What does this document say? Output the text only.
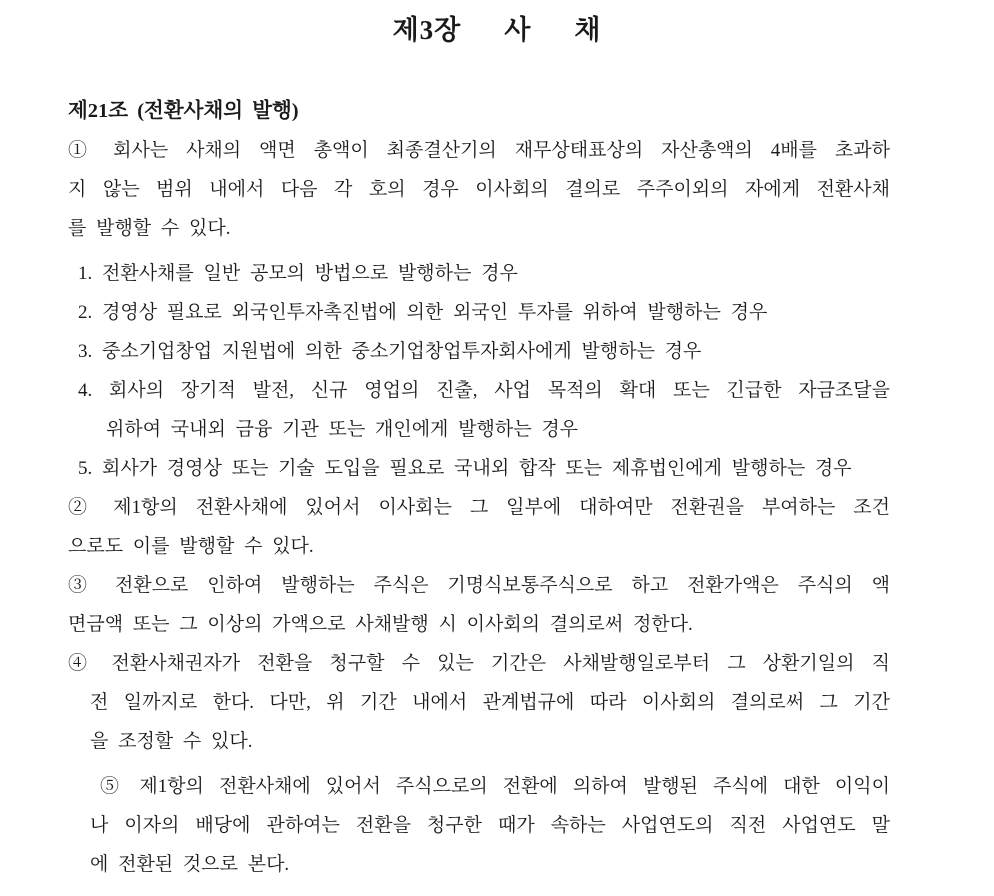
제3장    사    채
제21조 (전환사채의 발행)
① 회사는 사채의 액면 총액이 최종결산기의 재무상태표상의 자산총액의 4배를 초과하
지 않는 범위 내에서 다음 각 호의 경우 이사회의 결의로 주주이외의 자에게 전환사채
를 발행할 수 있다.
1. 전환사채를 일반 공모의 방법으로 발행하는 경우
2. 경영상 필요로 외국인투자촉진법에 의한 외국인 투자를 위하여 발행하는 경우
3. 중소기업창업 지원법에 의한 중소기업창업투자회사에게 발행하는 경우
4. 회사의 장기적 발전, 신규 영업의 진출, 사업 목적의 확대 또는 긴급한 자금조달을
위하여 국내외 금융 기관 또는 개인에게 발행하는 경우
5. 회사가 경영상 또는 기술 도입을 필요로 국내외 합작 또는 제휴법인에게 발행하는 경우
② 제1항의 전환사채에 있어서 이사회는 그 일부에 대하여만 전환권을 부여하는 조건
으로도 이를 발행할 수 있다.
③ 전환으로 인하여 발행하는 주식은 기명식보통주식으로 하고 전환가액은 주식의 액
면금액 또는 그 이상의 가액으로 사채발행 시 이사회의 결의로써 정한다.
④ 전환사채권자가 전환을 청구할 수 있는 기간은 사채발행일로부터 그 상환기일의 직
전 일까지로 한다. 다만, 위 기간 내에서 관계법규에 따라 이사회의 결의로써 그 기간
을 조정할 수 있다.
⑤ 제1항의 전환사채에 있어서 주식으로의 전환에 의하여 발행된 주식에 대한 이익이
나 이자의 배당에 관하여는 전환을 청구한 때가 속하는 사업연도의 직전 사업연도 말
에 전환된 것으로 본다.
